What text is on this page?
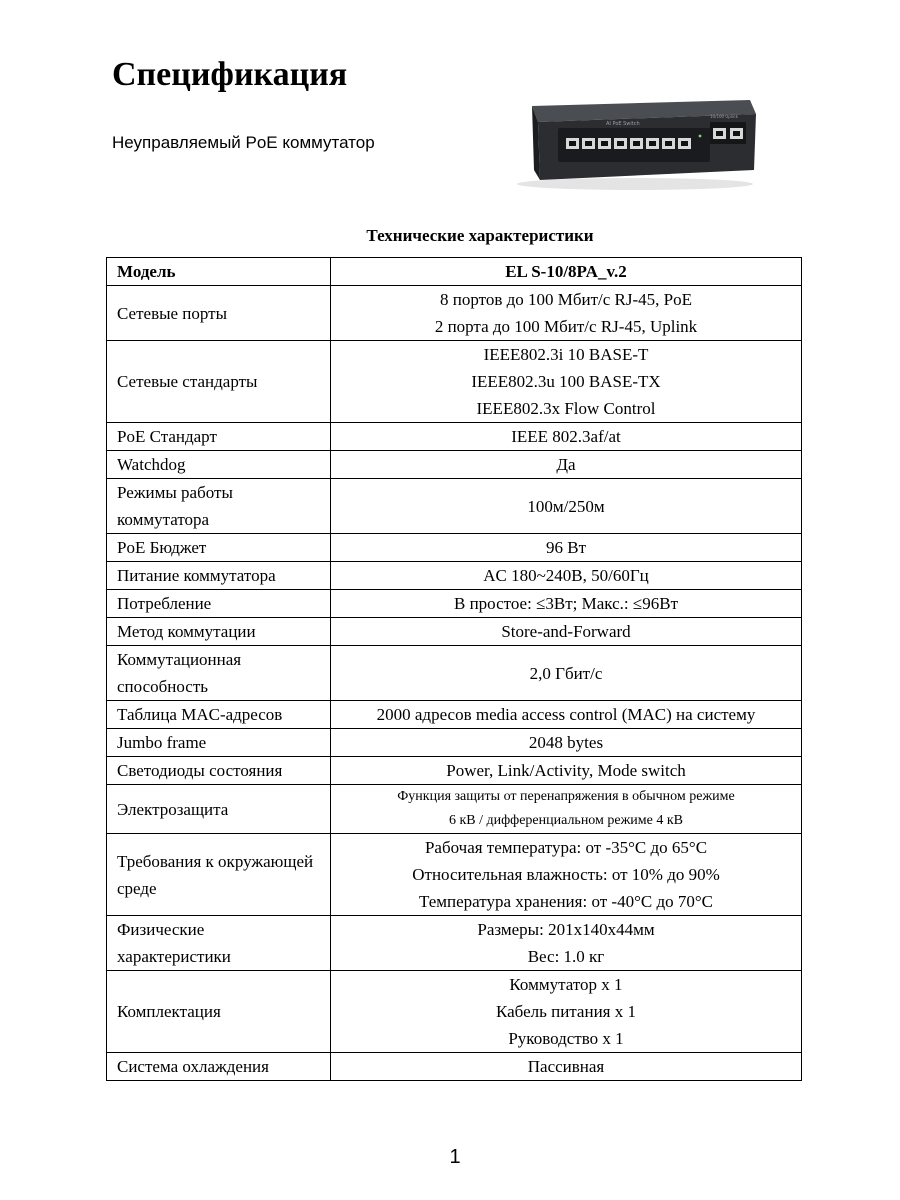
Спецификация
Неуправляемый PoE коммутатор
AI PoE Switch
10/100 Uplink
Технические характеристики
Модель	EL S-10/8PA_v.2
Сетевые порты	8 портов до 100 Мбит/с RJ-45, PoE
2 порта до 100 Мбит/с RJ-45, Uplink

Сетевые стандарты	IEEE802.3i 10 BASE-T
IEEE802.3u 100 BASE-TX
IEEE802.3x Flow Control

PoE Стандарт	IEEE 802.3af/at
Watchdog	Да
Режимы работы коммутатора	100м/250м
PoE Бюджет	96 Вт
Питание коммутатора	AC 180~240В, 50/60Гц
Потребление	В простое: ≤3Вт; Макс.: ≤96Вт
Метод коммутации	Store-and-Forward
Коммутационная способность	2,0 Гбит/с
Таблица MAC-адресов	2000 адресов media access control (MAC) на систему
Jumbo frame	2048 bytes
Светодиоды состояния	Power, Link/Activity, Mode switch
Электрозащита	Функция защиты от перенапряжения в обычном режиме
6 кВ / дифференциальном режиме 4 кВ

Требования к окружающей среде	Рабочая температура: от -35°C до 65°C
Относительная влажность: от 10% до 90%
Температура хранения: от -40°C до 70°C

Физические характеристики	Размеры: 201х140х44мм
Вес: 1.0 кг

Комплектация	Коммутатор х 1
Кабель питания х 1
Руководство х 1

Система охлаждения	Пассивная
1
